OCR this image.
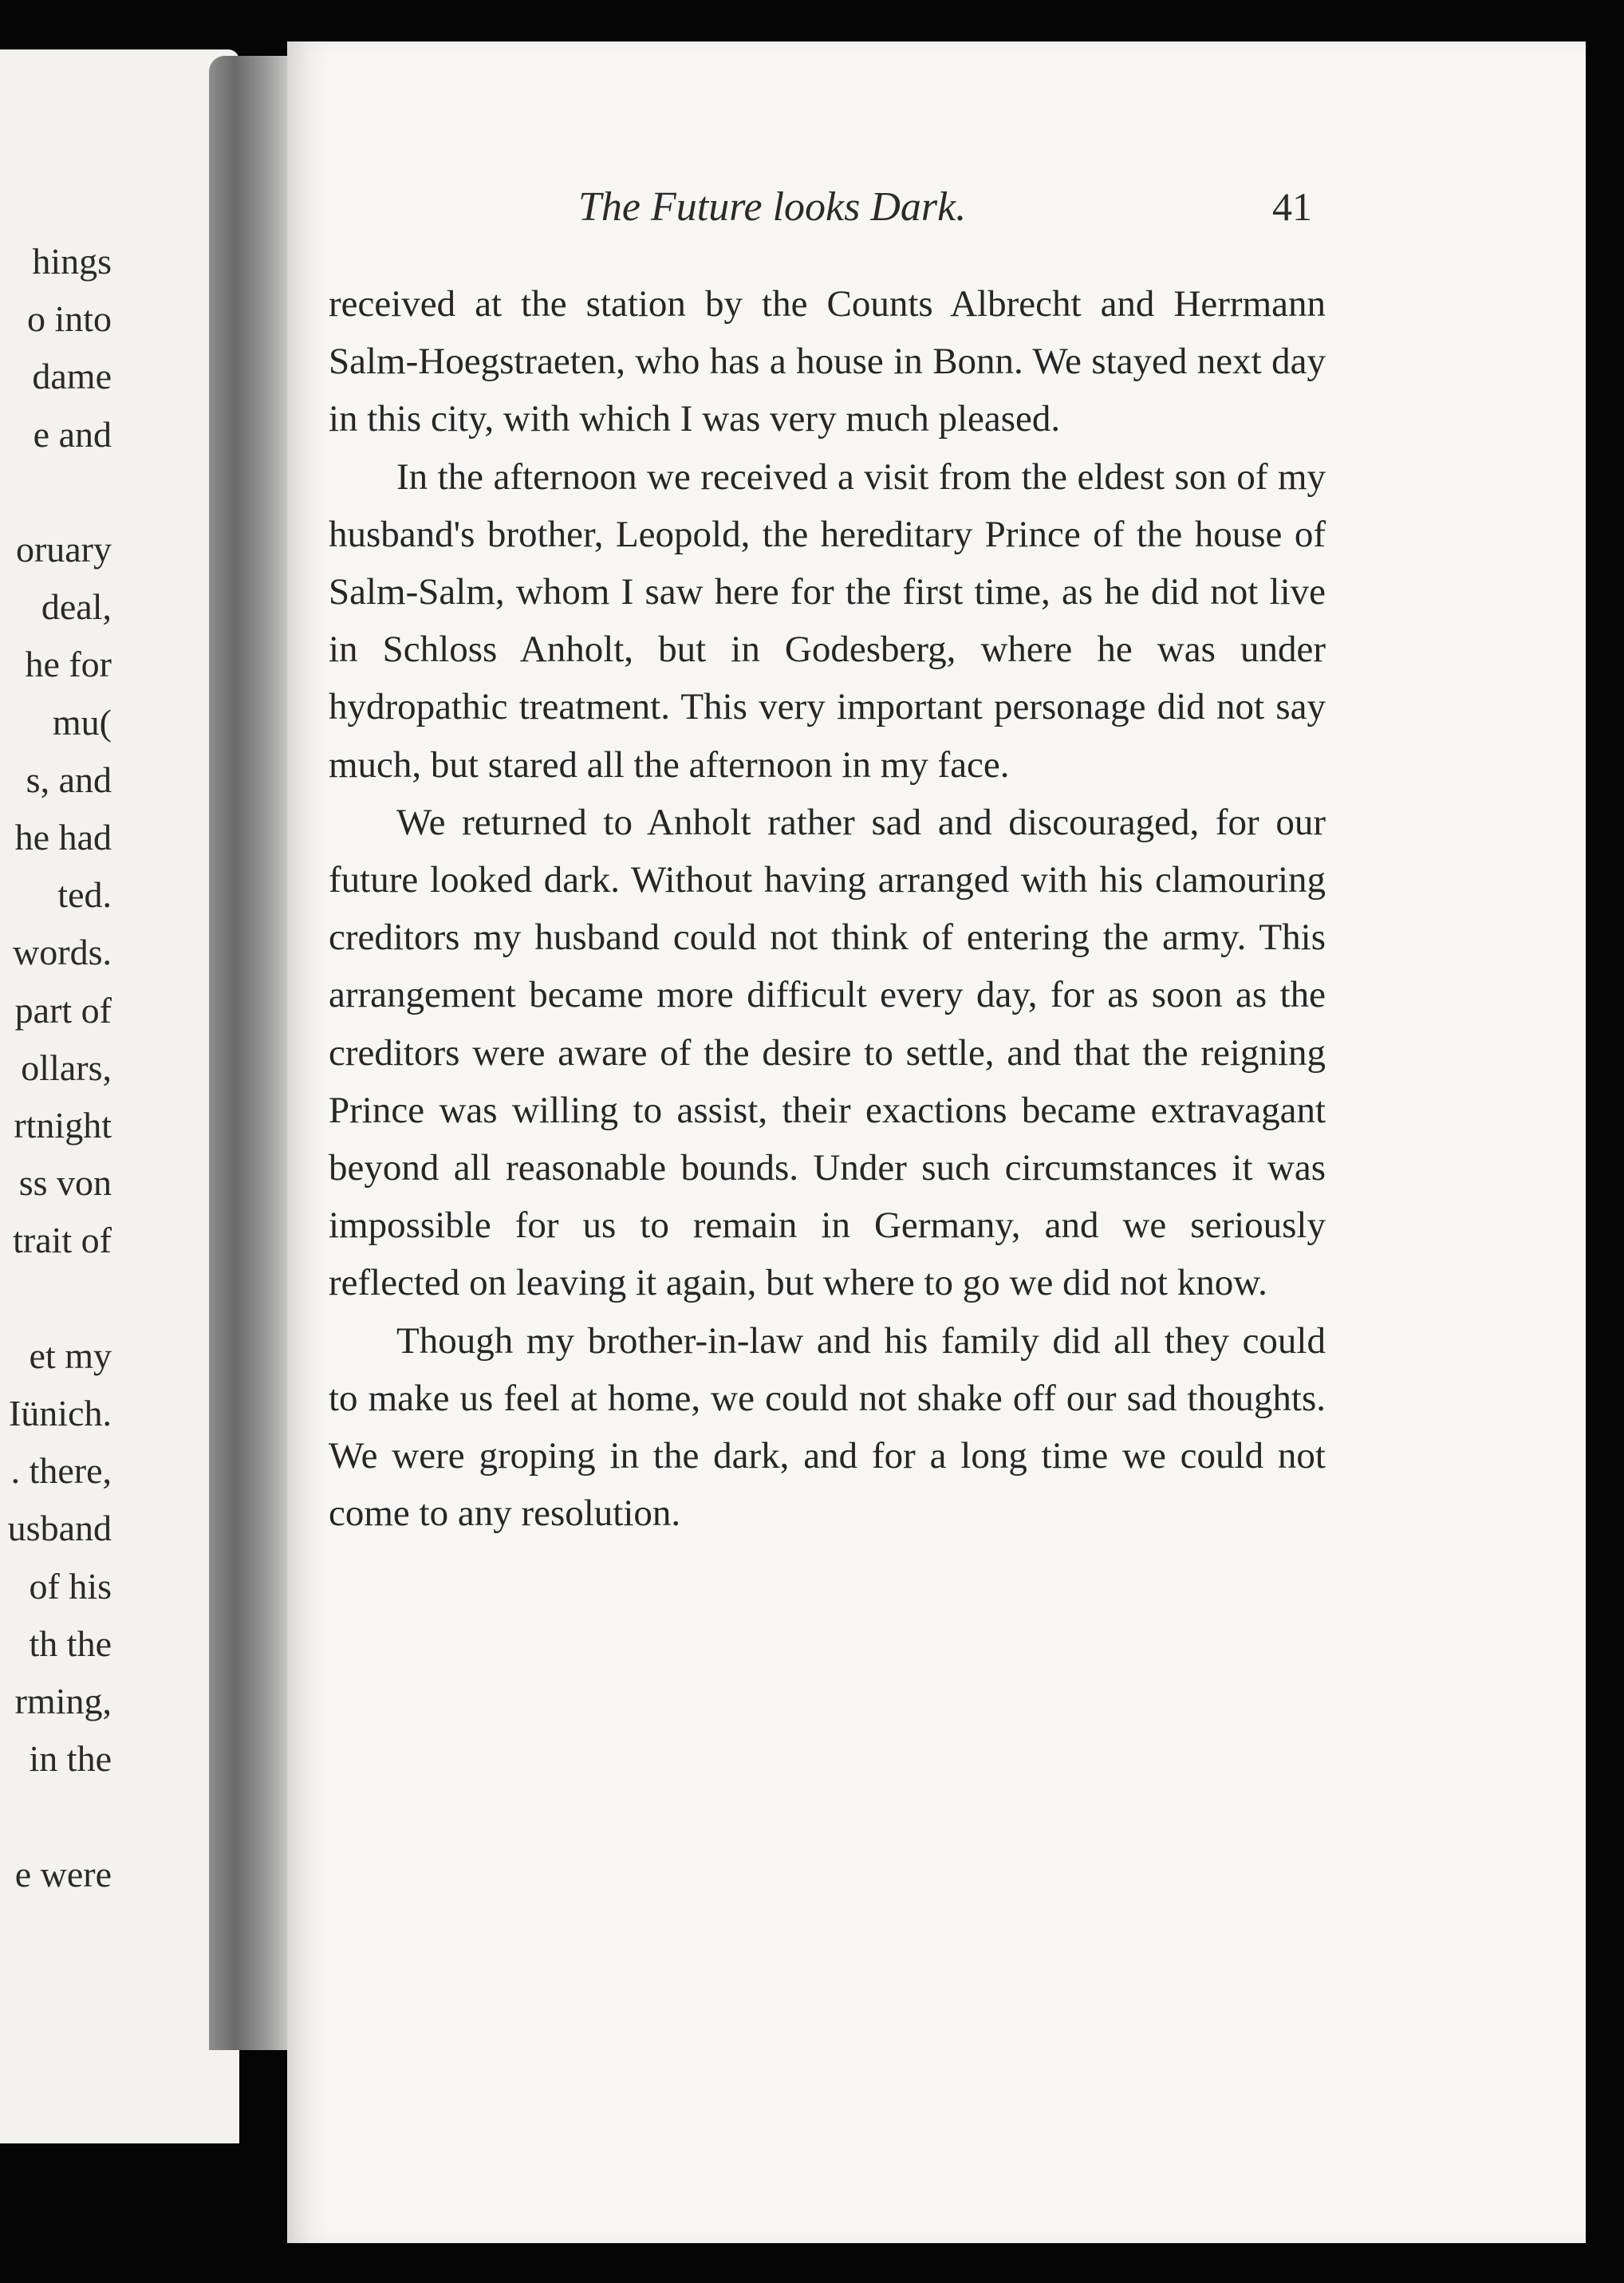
hings
o into
dame
e and
oruary
deal,
he for
mu(
s, and
he had
ted.
words.
part of
ollars,
rtnight
ss von
trait of
et my
Iünich.
. there,
usband
of his
th the
rming,
in the
e were
The Future looks Dark.	41

received at the station by the Counts Albrecht and Herrmann Salm-Hoegstraeten, who has a house in Bonn. We stayed next day in this city, with which I was very much pleased.

In the afternoon we received a visit from the eldest son of my husband's brother, Leopold, the hereditary Prince of the house of Salm-Salm, whom I saw here for the first time, as he did not live in Schloss Anholt, but in Godesberg, where he was under hydropathic treatment. This very important personage did not say much, but stared all the afternoon in my face.

We returned to Anholt rather sad and discouraged, for our future looked dark. Without having arranged with his clamouring creditors my husband could not think of entering the army. This arrangement became more difficult every day, for as soon as the creditors were aware of the desire to settle, and that the reigning Prince was willing to assist, their exactions became extravagant beyond all reasonable bounds. Under such circumstances it was impossible for us to remain in Germany, and we seriously reflected on leaving it again, but where to go we did not know.

Though my brother-in-law and his family did all they could to make us feel at home, we could not shake off our sad thoughts. We were groping in the dark, and for a long time we could not come to any resolution.
